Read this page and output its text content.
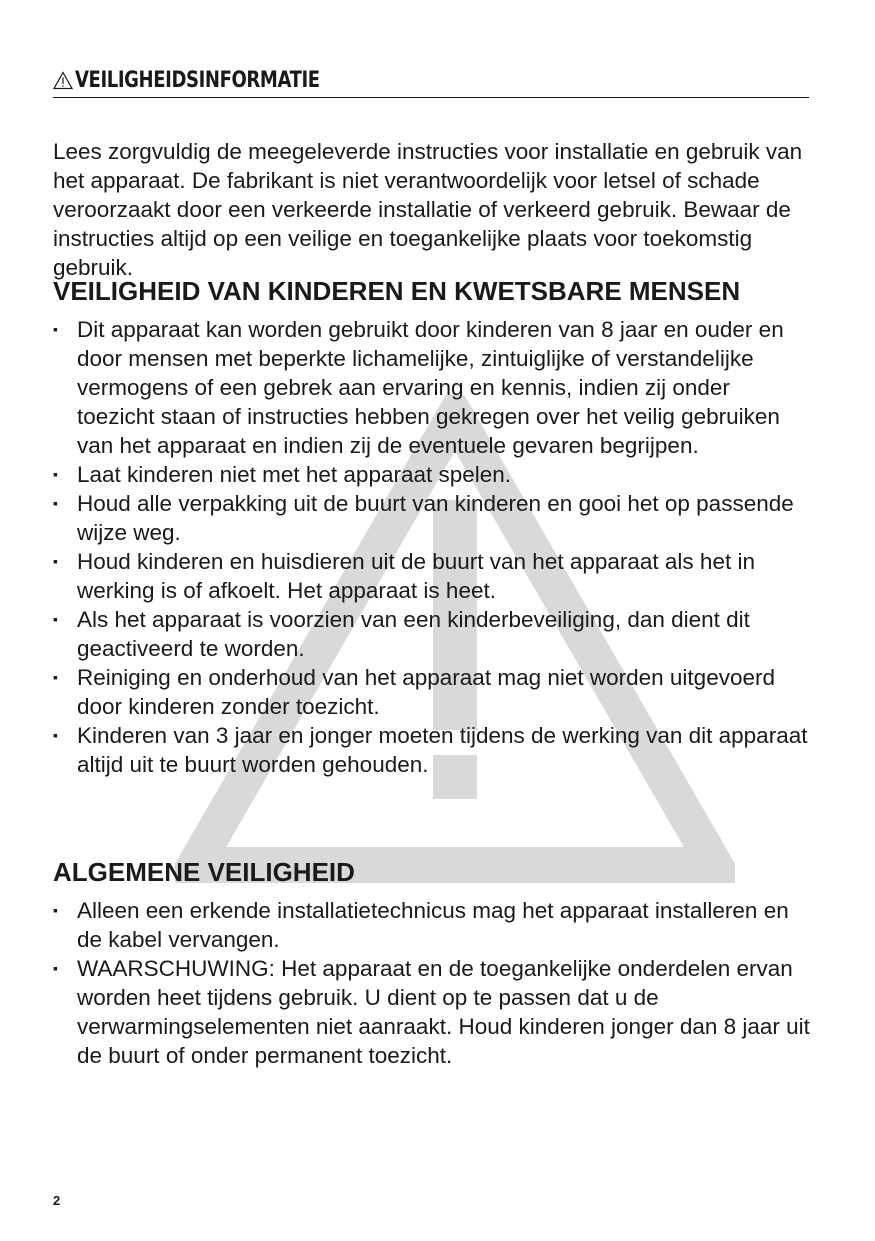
VEILIGHEIDSINFORMATIE

Lees zorgvuldig de meegeleverde instructies voor installatie en gebruik van het apparaat. De fabrikant is niet verantwoordelijk voor letsel of schade veroorzaakt door een verkeerde installatie of verkeerd gebruik. Bewaar de instructies altijd op een veilige en toegankelijke plaats voor toekomstig gebruik.

VEILIGHEID VAN KINDEREN EN KWETSBARE MENSEN
▪ Dit apparaat kan worden gebruikt door kinderen van 8 jaar en ouder en door mensen met beperkte lichamelijke, zintuiglijke of verstandelijke vermogens of een gebrek aan ervaring en kennis, indien zij onder toezicht staan of instructies hebben gekregen over het veilig gebruiken van het apparaat en indien zij de eventuele gevaren begrijpen.
▪ Laat kinderen niet met het apparaat spelen.
▪ Houd alle verpakking uit de buurt van kinderen en gooi het op passende wijze weg.
▪ Houd kinderen en huisdieren uit de buurt van het apparaat als het in werking is of afkoelt. Het apparaat is heet.
▪ Als het apparaat is voorzien van een kinderbeveiliging, dan dient dit geactiveerd te worden.
▪ Reiniging en onderhoud van het apparaat mag niet worden uitgevoerd door kinderen zonder toezicht.
▪ Kinderen van 3 jaar en jonger moeten tijdens de werking van dit apparaat altijd uit te buurt worden gehouden.
ALGEMENE VEILIGHEID
▪ Alleen een erkende installatietechnicus mag het apparaat installeren en de kabel vervangen.
▪ WAARSCHUWING: Het apparaat en de toegankelijke onderdelen ervan worden heet tijdens gebruik. U dient op te passen dat u de verwarmingselementen niet aanraakt. Houd kinderen jonger dan 8 jaar uit de buurt of onder permanent toezicht.
2
